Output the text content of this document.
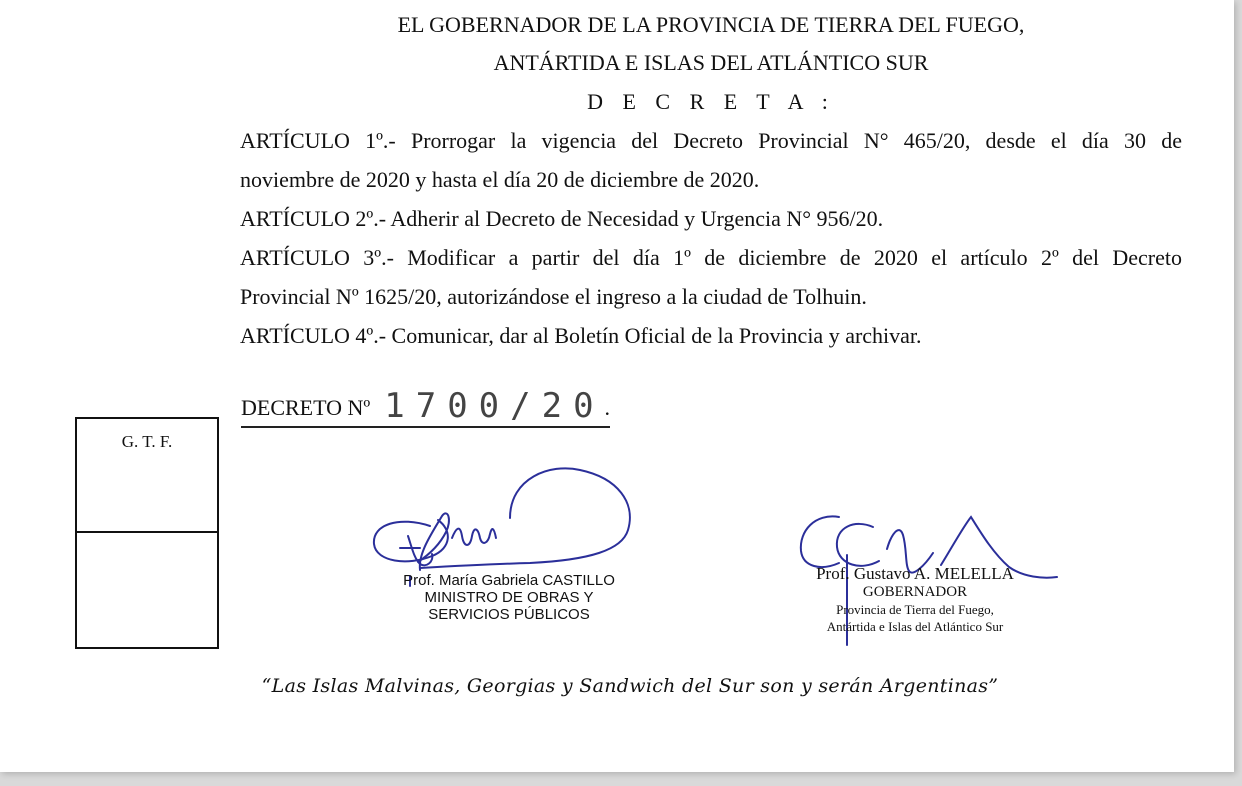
EL GOBERNADOR DE LA PROVINCIA DE TIERRA DEL FUEGO,
ANTÁRTIDA E ISLAS DEL ATLÁNTICO SUR
D E C R E T A :
ARTÍCULO 1º.- Prorrogar la vigencia del Decreto Provincial N° 465/20, desde el día 30 de
noviembre de 2020 y hasta el día 20 de diciembre de 2020.
ARTÍCULO 2º.- Adherir al Decreto de Necesidad y Urgencia N° 956/20.
ARTÍCULO 3º.- Modificar a partir del día 1º de diciembre de 2020 el artículo 2º del Decreto
Provincial Nº 1625/20, autorizándose el ingreso a la ciudad de Tolhuin.
ARTÍCULO 4º.- Comunicar, dar al Boletín Oficial de la Provincia y archivar.
DECRETO Nº 1700/20.
G. T. F.
Prof. María Gabriela CASTILLO
MINISTRO DE OBRAS Y
SERVICIOS PÚBLICOS
Prof. Gustavo A. MELELLA
GOBERNADOR
Provincia de Tierra del Fuego,
Antártida e Islas del Atlántico Sur
“Las Islas Malvinas, Georgias y Sandwich del Sur son y serán Argentinas”
